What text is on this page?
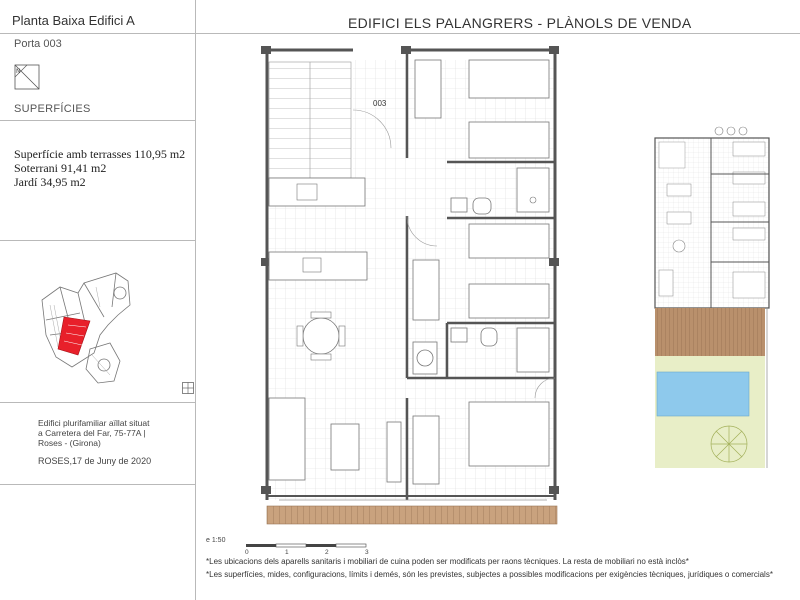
Planta Baixa Edifici A	EDIFICI ELS PALANGRERS - PLÀNOLS DE VENDA
Porta 003
N
SUPERFÍCIES
Superfície amb terrasses 110,95 m2
Soterrani 91,41 m2
Jardí 34,95 m2
Edifici plurifamiliar aïllat situat
a Carretera del Far, 75-77A |
Roses - (Girona)
ROSES,17 de Juny de 2020
003
e 1:50
0	1	2	3
*Les ubicacions dels aparells sanitaris i mobiliari de cuina poden ser modificats per raons tècniques. La resta de mobiliari no està inclòs*
*Les superfícies, mides, configuracions, límits i demés, són les previstes, subjectes a possibles modificacions per exigències tècniques, jurídiques o comercials*
